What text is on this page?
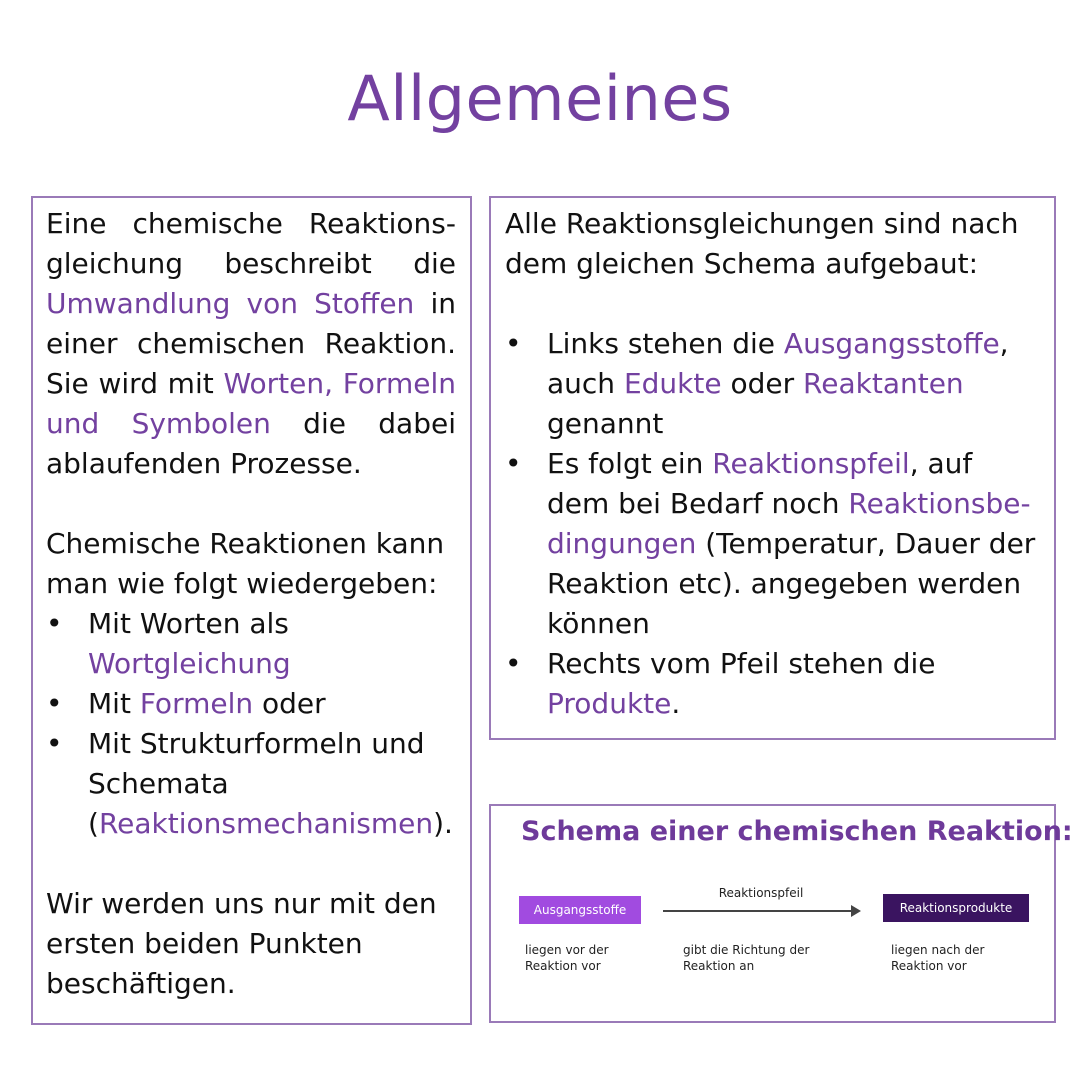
Allgemeines

Eine chemische Reaktions- gleichung beschreibt die Umwandlung von Stoffen in einer chemischen Reaktion. Sie wird mit Worten, Formeln und Symbolen die dabei ablaufenden Prozesse.

Chemische Reaktionen kann man wie folgt wiedergeben:

• Mit Worten als Wortgleichung
• Mit Formeln oder
• Mit Strukturformeln und Schemata (Reaktionsmechanismen).

Wir werden uns nur mit den ersten beiden Punkten beschäftigen.

Alle Reaktionsgleichungen sind nach dem gleichen Schema aufgebaut:

• Links stehen die Ausgangsstoffe, auch Edukte oder Reaktanten genannt
• Es folgt ein Reaktionspfeil, auf dem bei Bedarf noch Reaktionsbe- dingungen (Temperatur, Dauer der Reaktion etc). angegeben werden können
• Rechts vom Pfeil stehen die Produkte.
Schema einer chemischen Reaktion:
Ausgangsstoffe
Reaktionspfeil
Reaktionsprodukte
liegen vor der Reaktion vor
gibt die Richtung der Reaktion an
liegen nach der Reaktion vor
